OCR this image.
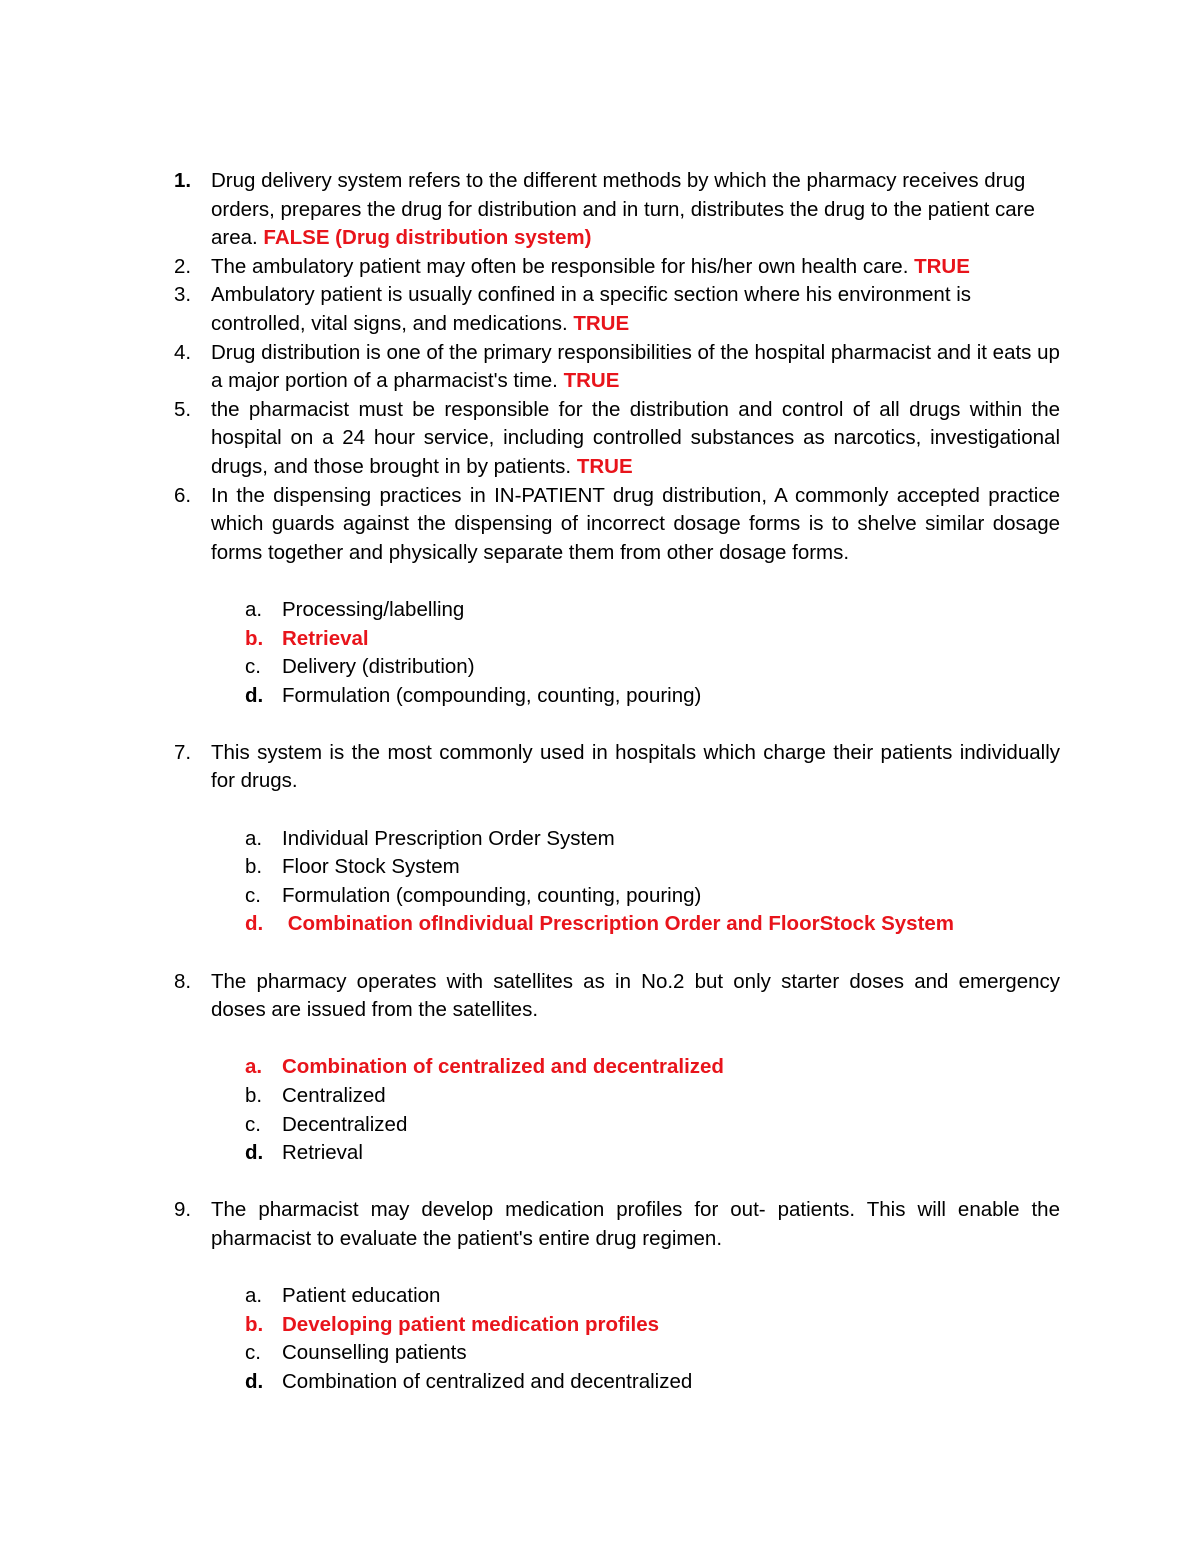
1. Drug delivery system refers to the different methods by which the pharmacy receives drug orders, prepares the drug for distribution and in turn, distributes the drug to the patient care area. FALSE (Drug distribution system)
2. The ambulatory patient may often be responsible for his/her own health care. TRUE
3. Ambulatory patient is usually confined in a specific section where his environment is controlled, vital signs, and medications. TRUE
4. Drug distribution is one of the primary responsibilities of the hospital pharmacist and it eats up a major portion of a pharmacist's time. TRUE
5. the pharmacist must be responsible for the distribution and control of all drugs within the hospital on a 24 hour service, including controlled substances as narcotics, investigational drugs, and those brought in by patients. TRUE
6. In the dispensing practices in IN-PATIENT drug distribution, A commonly accepted practice which guards against the dispensing of incorrect dosage forms is to shelve similar dosage forms together and physically separate them from other dosage forms.
a. Processing/labelling
b. Retrieval
c.	Delivery (distribution)
d. Formulation (compounding, counting, pouring)
7. This system is the most commonly used in hospitals which charge their patients individually for drugs.
a. Individual Prescription Order System
b. Floor Stock System
c.	Formulation (compounding, counting, pouring)
d. Combination ofIndividual Prescription Order and FloorStock System
8. The pharmacy operates with satellites as in No.2 but only starter doses and emergency doses are issued from the satellites.
a. Combination of centralized and decentralized
b. Centralized
c.	Decentralized
d. Retrieval
9. The pharmacist may develop medication profiles for out- patients. This will enable the pharmacist to evaluate the patient's entire drug regimen.
a. Patient education
b. Developing patient medication profiles
c.	Counselling patients
d. Combination of centralized and decentralized
